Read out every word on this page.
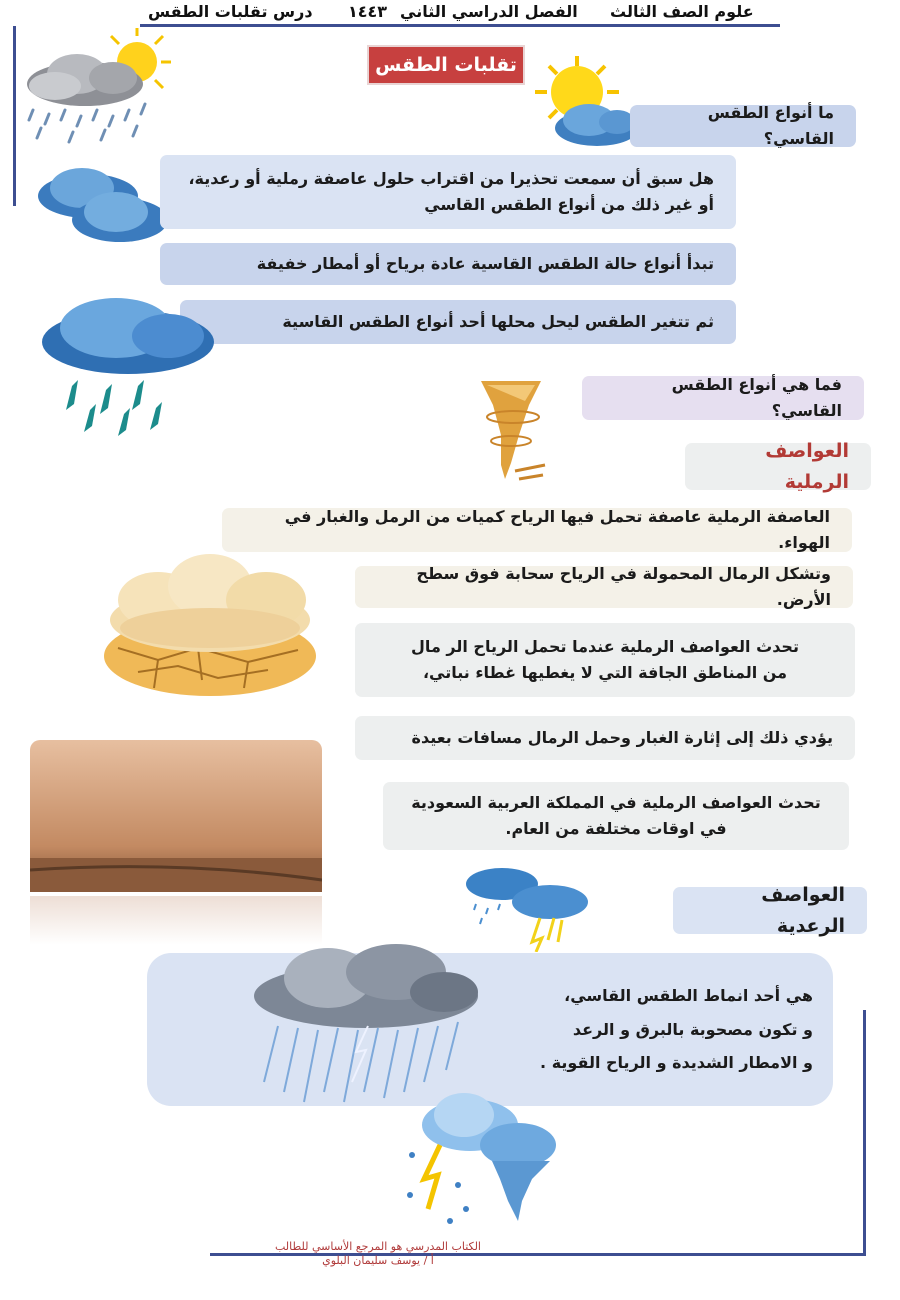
علوم الصف الثالث
الفصل الدراسي الثاني
١٤٤٣
درس تقلبات الطقس
تقلبات الطقس
ما أنواع الطقس القاسي؟
هل سبق أن سمعت تحذيرا من اقتراب حلول عاصفة رملية أو رعدية،
أو غير ذلك من أنواع الطقس القاسي
تبدأ أنواع حالة الطقس القاسية عادة برياح أو أمطار خفيفة
ثم تتغير الطقس ليحل محلها أحد أنواع الطقس القاسية
فما هي أنواع الطقس القاسي؟
العواصف الرملية
العاصفة الرملية عاصفة تحمل فيها الرياح كميات من الرمل والغبار في الهواء.
وتشكل الرمال المحمولة في الرياح سحابة فوق سطح الأرض.
تحدث العواصف الرملية عندما تحمل الرياح الر مال
من المناطق الجافة التي لا يغطيها غطاء نباتي،
يؤدي ذلك إلى إثارة الغبار وحمل الرمال مسافات بعيدة
تحدث العواصف الرملية في المملكة العربية السعودية
في اوقات مختلفة من العام.
العواصف الرعدية
هي أحد انماط الطقس القاسي،
و تكون مصحوبة بالبرق و الرعد
و الامطار الشديدة و الرياح القوية .
الكتاب المدرسي هو المرجع الأساسي للطالب
أ / يوسف سليمان البلوي
